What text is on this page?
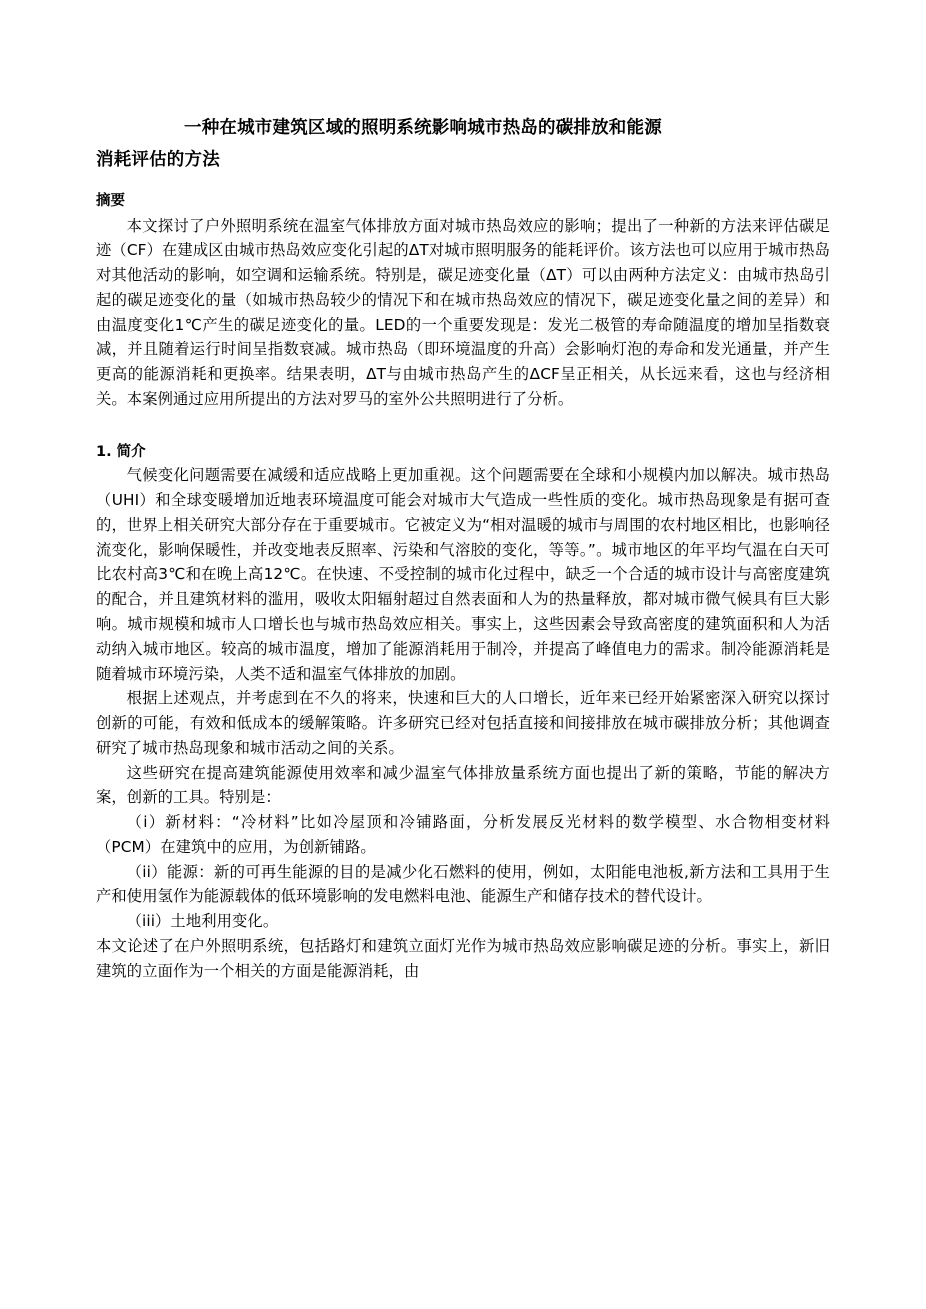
一种在城市建筑区域的照明系统影响城市热岛的碳排放和能源
消耗评估的方法
摘要

本文探讨了户外照明系统在温室气体排放方面对城市热岛效应的影响；提出了一种新的方法来评估碳足迹（CF）在建成区由城市热岛效应变化引起的ΔT对城市照明服务的能耗评价。该方法也可以应用于城市热岛对其他活动的影响，如空调和运输系统。特别是，碳足迹变化量（ΔT）可以由两种方法定义：由城市热岛引起的碳足迹变化的量（如城市热岛较少的情况下和在城市热岛效应的情况下，碳足迹变化量之间的差异）和由温度变化1℃产生的碳足迹变化的量。LED的一个重要发现是：发光二极管的寿命随温度的增加呈指数衰减，并且随着运行时间呈指数衰减。城市热岛（即环境温度的升高）会影响灯泡的寿命和发光通量，并产生更高的能源消耗和更换率。结果表明，ΔT与由城市热岛产生的ΔCF呈正相关，从长远来看，这也与经济相关。本案例通过应用所提出的方法对罗马的室外公共照明进行了分析。

1. 简介

气候变化问题需要在减缓和适应战略上更加重视。这个问题需要在全球和小规模内加以解决。城市热岛（UHI）和全球变暖增加近地表环境温度可能会对城市大气造成一些性质的变化。城市热岛现象是有据可查的，世界上相关研究大部分存在于重要城市。它被定义为“相对温暖的城市与周围的农村地区相比，也影响径流变化，影响保暖性，并改变地表反照率、污染和气溶胶的变化，等等。”。城市地区的年平均气温在白天可比农村高3℃和在晚上高12℃。在快速、不受控制的城市化过程中，缺乏一个合适的城市设计与高密度建筑的配合，并且建筑材料的滥用，吸收太阳辐射超过自然表面和人为的热量释放，都对城市微气候具有巨大影响。城市规模和城市人口增长也与城市热岛效应相关。事实上，这些因素会导致高密度的建筑面积和人为活动纳入城市地区。较高的城市温度，增加了能源消耗用于制冷，并提高了峰值电力的需求。制冷能源消耗是随着城市环境污染，人类不适和温室气体排放的加剧。

根据上述观点，并考虑到在不久的将来，快速和巨大的人口增长，近年来已经开始紧密深入研究以探讨创新的可能，有效和低成本的缓解策略。许多研究已经对包括直接和间接排放在城市碳排放分析；其他调查研究了城市热岛现象和城市活动之间的关系。

这些研究在提高建筑能源使用效率和减少温室气体排放量系统方面也提出了新的策略，节能的解决方案，创新的工具。特别是：

（i）新材料：“冷材料”比如冷屋顶和冷铺路面，分析发展反光材料的数学模型、水合物相变材料（PCM）在建筑中的应用，为创新铺路。

（ii）能源：新的可再生能源的目的是减少化石燃料的使用，例如，太阳能电池板,新方法和工具用于生产和使用氢作为能源载体的低环境影响的发电燃料电池、能源生产和储存技术的替代设计。

（iii）土地利用变化。

本文论述了在户外照明系统，包括路灯和建筑立面灯光作为城市热岛效应影响碳足迹的分析。事实上，新旧建筑的立面作为一个相关的方面是能源消耗，由
